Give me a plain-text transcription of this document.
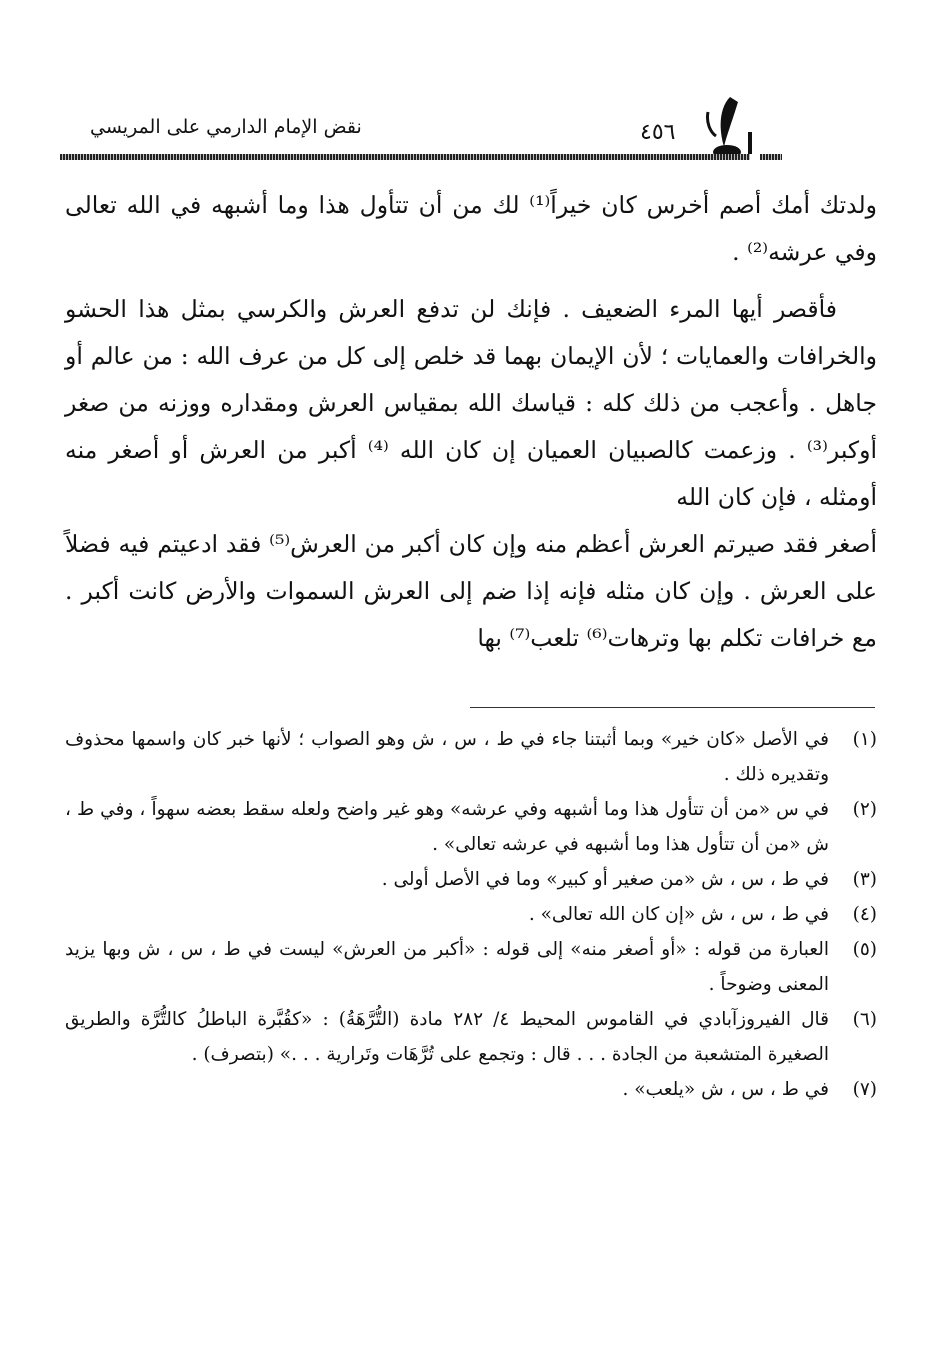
٤٥٦
نقض الإمام الدارمي على المريسي

ولدتك أمك أصم أخرس كان خيراً⁽¹⁾ لك من أن تتأول هذا وما أشبهه في الله تعالى وفي عرشه⁽²⁾ .

فأقصر أيها المرء الضعيف . فإنك لن تدفع العرش والكرسي بمثل هذا الحشو والخرافات والعمايات ؛ لأن الإيمان بهما قد خلص إلى كل من عرف الله : من عالم أو جاهل . وأعجب من ذلك كله : قياسك الله بمقياس العرش ومقداره ووزنه من صغر أوكبر⁽³⁾ . وزعمت كالصبيان العميان إن كان الله ⁽⁴⁾ أكبر من العرش أو أصغر منه أومثله ، فإن كان الله

أصغر فقد صيرتم العرش أعظم منه وإن كان أكبر من العرش⁽⁵⁾ فقد ادعيتم فيه فضلاً على العرش . وإن كان مثله فإنه إذا ضم إلى العرش السموات والأرض كانت أكبر . مع خرافات تكلم بها وترهات⁽⁶⁾ تلعب⁽⁷⁾ بها

(١)
في الأصل «كان خير» وبما أثبتنا جاء في ط ، س ، ش وهو الصواب ؛ لأنها خبر كان واسمها محذوف وتقديره ذلك .
(٢)
في س «من أن تتأول هذا وما أشبهه وفي عرشه» وهو غير واضح ولعله سقط بعضه سهواً ، وفي ط ، ش «من أن تتأول هذا وما أشبهه في عرشه تعالى» .
(٣)
في ط ، س ، ش «من صغير أو كبير» وما في الأصل أولى .
(٤)
في ط ، س ، ش «إن كان الله تعالى» .
(٥)
العبارة من قوله : «أو أصغر منه» إلى قوله : «أكبر من العرش» ليست في ط ، س ، ش وبها يزيد المعنى وضوحاً .
(٦)
قال الفيروزآبادي في القاموس المحيط ٤/ ٢٨٢ مادة (التُّرَّهَةُ) : «كقُبَّرة الباطلُ كالتُّرَّة والطريق الصغيرة المتشعبة من الجادة . . . قال : وتجمع على تُرَّهَات وتَرارية . . .» (بتصرف) .
(٧)
في ط ، س ، ش «يلعب» .
